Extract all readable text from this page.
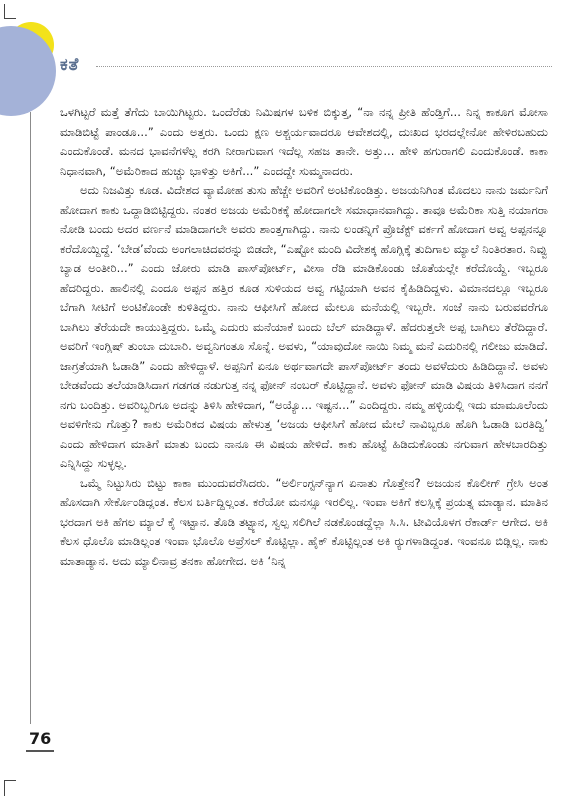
ಕತೆ
76

ಒಳಗಿಟ್ಟರೆ ಮತ್ತೆ ತೆಗೆದು ಬಾಯಿಗಿಟ್ಟರು. ಒಂದೆರೆಡು ನಿಮಿಷಗಳ ಬಳಿಕ ಬಿಕ್ಕುತ್ತ, “ನಾ ನನ್ನ ಪ್ರೀತಿ ಹೆಂಡ್ತಿಗೆ... ನಿನ್ನ ಕಾಕೂಗ ಮೋಸಾ ಮಾಡಿಬಿಟ್ಟೆ ಪಾಂಡೂ...” ಎಂದು ಅತ್ತರು. ಒಂದು ಕ್ಷಣ ಅಶ್ಚರ್ಯವಾದರೂ ಆವೇಶದಲ್ಲಿ, ದುಃಖದ ಭರದಲ್ಲೇನೋ ಹೇಳಿರಬಹುದು ಎಂದುಕೊಂಡೆ. ಮನದ ಭಾವನೆಗಳೆಲ್ಲ ಕರಗಿ ನೀರಾಗುವಾಗ ಇದೆಲ್ಲ ಸಹಜ ತಾನೇ. ಅತ್ತು... ಹೇಳಿ ಹಗುರಾಗಲಿ ಎಂದುಕೊಂಡೆ. ಕಾಕಾ ನಿಧಾನವಾಗಿ, “ಅಮೆರಿಕಾದ ಹುಚ್ಚು ಭಾಳಿತ್ತು ಅಕಿಗೆ...” ಎಂದದ್ದೇ ಸುಮ್ಮನಾದರು.

ಅದು ನಿಜವಿತ್ತು ಕೂಡ. ವಿದೇಶದ ವ್ಯಾಮೋಹ ತುಸು ಹೆಚ್ಚೇ ಅವರಿಗೆ ಅಂಟಿಕೊಂಡಿತ್ತು. ಅಜಯನಿಗಿಂತ ಮೊದಲು ನಾನು ಜರ್ಮನಿಗೆ ಹೋದಾಗ ಕಾಕು ಒದ್ದಾಡಿಬಿಟ್ಟಿದ್ದರು. ನಂತರ ಅಜಯ ಅಮೆರಿಕಕ್ಕೆ ಹೋದಾಗಲೇ ಸಮಾಧಾನವಾಗಿದ್ದು. ತಾವೂ ಅಮೆರಿಕಾ ಸುತ್ತಿ ನಯಾಗರಾ ನೋಡಿ ಬಂದು ಅದರ ವರ್ಣನೆ ಮಾಡಿದಾಗಲೇ ಅವರು ಶಾಂತ್ತಗಾಗಿದ್ದು. ನಾನು ಲಂಡನ್ನಿಗೆ ಪ್ರೊಜೆಕ್ಟ್ ವರ್ಕಗೆ ಹೋದಾಗ ಅವ್ವ ಅಪ್ಪನನ್ನೂ ಕರೆದೊಯ್ದಿದ್ದೆ. ‘ಬೇಡ’ವೆಂದು ಅಂಗಲಾಚಿದವರನ್ನು ಬಿಡದೇ, “ಎಷ್ಟೋ ಮಂದಿ ವಿದೇಶಕ್ಕ ಹೊಗ್ಲಿಕ್ಕೆ ತುದಿಗಾಲ ಮ್ಯಾಲೆ ನಿಂತಿರತಾರ. ನಿವ್ವು ಬ್ಯಾಡ ಅಂತೀರಿ...” ಎಂದು ಜೋರು ಮಾಡಿ ಪಾಸ್‌ಪೋರ್ಟ್, ವೀಸಾ ರೆಡಿ ಮಾಡಿಕೊಂಡು ಜೊತೆಯಲ್ಲೇ ಕರೆದೊಯ್ದೆ. ಇಬ್ಬರೂ ಹೆದರಿದ್ದರು. ಹಾಲಿನಲ್ಲಿ ಎಂದೂ ಅಪ್ಪನ ಹತ್ತಿರ ಕೂಡ ಸುಳಿಯದ ಅವ್ವ ಗಟ್ಟಿಯಾಗಿ ಅವನ ಕೈಹಿಡಿದಿದ್ದಳು. ವಿಮಾನದಲ್ಲೂ ಇಬ್ಬರೂ ಬೆಗಾಗಿ ಸೀಟಿಗೆ ಅಂಟಿಕೊಂಡೇ ಕುಳಿತಿದ್ದರು. ನಾನು ಆಫೀಸಿಗೆ ಹೋದ ಮೇಲೂ ಮನೆಯಲ್ಲಿ ಇಬ್ಬರೇ. ಸಂಜೆ ನಾನು ಬರುವವರೆಗೂ ಬಾಗಿಲು ತೆರೆಯದೇ ಕಾಯುತ್ತಿದ್ದರು. ಒಮ್ಮೆ ಎದುರು ಮನೆಯಾಕೆ ಬಂದು ಬೆಲ್ ಮಾಡಿದ್ದಾಳೆ. ಹೆದರುತ್ತಲೇ ಅಪ್ಪ ಬಾಗಿಲು ತೆರೆದಿದ್ದಾರೆ. ಅವರಿಗೆ ಇಂಗ್ಲಿಷ್ ತುಂಬಾ ದುಬಾರಿ. ಅವ್ವನಿಗಂತೂ ಸೊನ್ನೆ. ಅವಳು, “ಯಾವುದೋ ನಾಯಿ ನಿಮ್ಮ ಮನೆ ಎದುರಿನಲ್ಲಿ ಗಲೀಜು ಮಾಡಿದೆ. ಜಾಗ್ರತೆಯಾಗಿ ಓಡಾಡಿ” ಎಂದು ಹೇಳಿದ್ದಾಳೆ. ಅಪ್ಪನಿಗೆ ಏನೂ ಅರ್ಥವಾಗದೇ ಪಾಸ್‌ಪೋರ್ಟ್ ತಂದು ಅವಳೆದುರು ಹಿಡಿದಿದ್ದಾನೆ. ಅವಳು ಬೇಡವೆಂದು ತಲೆಯಾಡಿಸಿದಾಗ ಗಡಗಡ ನಡುಗುತ್ತ ನನ್ನ ಫೋನ್ ನಂಬರ್ ಕೊಟ್ಟಿದ್ದಾನೆ. ಅವಳು ಫೋನ್ ಮಾಡಿ ವಿಷಯ ತಿಳಿಸಿದಾಗ ನನಗೆ ನಗು ಬಂದಿತ್ತು. ಅವರಿಬ್ಬರಿಗೂ ಅದನ್ನು ತಿಳಿಸಿ ಹೇಳಿದಾಗ, “ಅಯ್ಯೊ... ಇಷ್ಟನ...” ಎಂದಿದ್ದರು. ನಮ್ಮ ಹಳ್ಳಿಯಲ್ಲಿ ಇದು ಮಾಮೂಲೆಂದು ಅವಳಿಗೇನು ಗೊತ್ತು? ಕಾಕು ಅಮೆರಿಕದ ವಿಷಯ ಹೇಳುತ್ತ ‘ಅಜಯ ಆಫೀಸಿಗೆ ಹೋದ ಮೇಲೆ ನಾವಿಬ್ಬರೂ ಹೊಗಿ ಓಡಾಡಿ ಬರತಿದ್ವಿ’ ಎಂದು ಹೇಳಿದಾಗ ಮಾತಿಗೆ ಮಾತು ಬಂದು ನಾನೂ ಈ ವಿಷಯ ಹೇಳಿದೆ. ಕಾಕು ಹೊಟ್ಟೆ ಹಿಡಿದುಕೊಂಡು ನಗುವಾಗ ಹೇಳಬಾರದಿತ್ತು ಎನ್ನಿಸಿದ್ದು ಸುಳ್ಳಲ್ಲ.

ಒಮ್ಮೆ ನಿಟ್ಟುಸಿರು ಬಿಟ್ಟು ಕಾಕಾ ಮುಂದುವರೆಸಿದರು. “ಅರ್ಲಿಂಗ್ಟನ್‌ನ್ಯಾಗ ಏನಾತು ಗೊತ್ತೇನ? ಅಜಯನ ಕೊಲೀಗ್ ಗ್ರೇಸಿ ಅಂತ ಹೊಸದಾಗಿ ಸೇರ್ಕೊಂಡಿದ್ಲಂತ. ಕೆಲಸ ಬರ್ತಿದ್ದಿಲ್ಲಂತ. ಕರೆಯೋ ಮನಸ್ಸೂ ಇರಲಿಲ್ಲ. ಇಂವಾ ಅಕಿಗೆ ಕಲಸ್ಲಿಕ್ಕೆ ಪ್ರಯತ್ನ ಮಾಡ್ಯಾನ. ಮಾತಿನ ಭರದಾಗ ಅಕಿ ಹೆಗಲ ಮ್ಯಾಲೆ ಕೈ ಇಟ್ಟಾನ. ತೊಡಿ ತಟ್ಟ್ಯಾನ, ಸ್ವಲ್ಪ ಸಲಿಗಿಲೆ ನಡಕೊಂಡದ್ದೆಲ್ಲಾ ಸಿ.ಸಿ. ಟೀವಿಯೊಳಗ ರೆಕಾರ್ಡ್ ಆಗೇದ. ಅಕಿ ಕೆಲಸ ಧೊಲೊ ಮಾಡಿಲ್ಲಂತ ಇಂವಾ ಭೊಲೊ ಅಪ್ರೆಸಲ್ ಕೊಟ್ಟಿಲ್ಲಾ. ಹೈಕ್ ಕೊಟ್ಟಿಲ್ಲಂತ ಅಕಿ ರ್‍ಯುಗಳಾಡಿದ್ದಂತ. ಇಂವನೂ ಬಿಡ್ಲಿಲ್ಲ. ನಾಕು ಮಾತಾಡ್ಯಾನ. ಅದು ಮ್ಯಾಲಿನಾವ್ರ ತನಕಾ ಹೋಗೇದ. ಅಕಿ ‘ನಿನ್ನ
